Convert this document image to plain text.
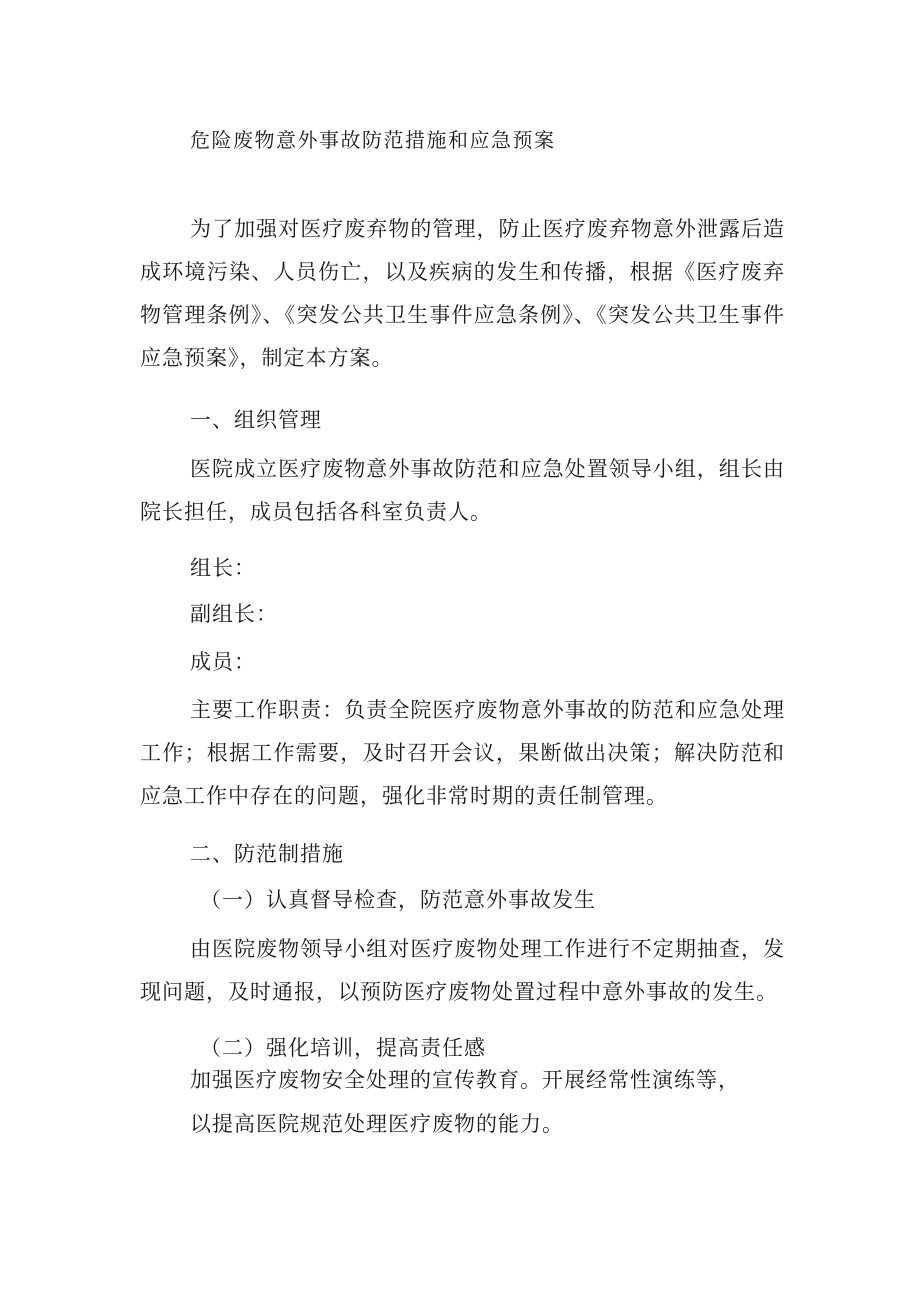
危险废物意外事故防范措施和应急预案
为了加强对医疗废弃物的管理，防止医疗废弃物意外泄露后造成环境污染、人员伤亡，以及疾病的发生和传播，根据《医疗废弃物管理条例》、《突发公共卫生事件应急条例》、《突发公共卫生事件应急预案》，制定本方案。
一、组织管理
医院成立医疗废物意外事故防范和应急处置领导小组，组长由院长担任，成员包括各科室负责人。
组长：
副组长：
成员：
主要工作职责：负责全院医疗废物意外事故的防范和应急处理工作；根据工作需要，及时召开会议，果断做出决策；解决防范和应急工作中存在的问题，强化非常时期的责任制管理。
二、防范制措施
（一）认真督导检查，防范意外事故发生
由医院废物领导小组对医疗废物处理工作进行不定期抽查，发现问题，及时通报，以预防医疗废物处置过程中意外事故的发生。
（二）强化培训，提高责任感
加强医疗废物安全处理的宣传教育。开展经常性演练等，
以提高医院规范处理医疗废物的能力。
